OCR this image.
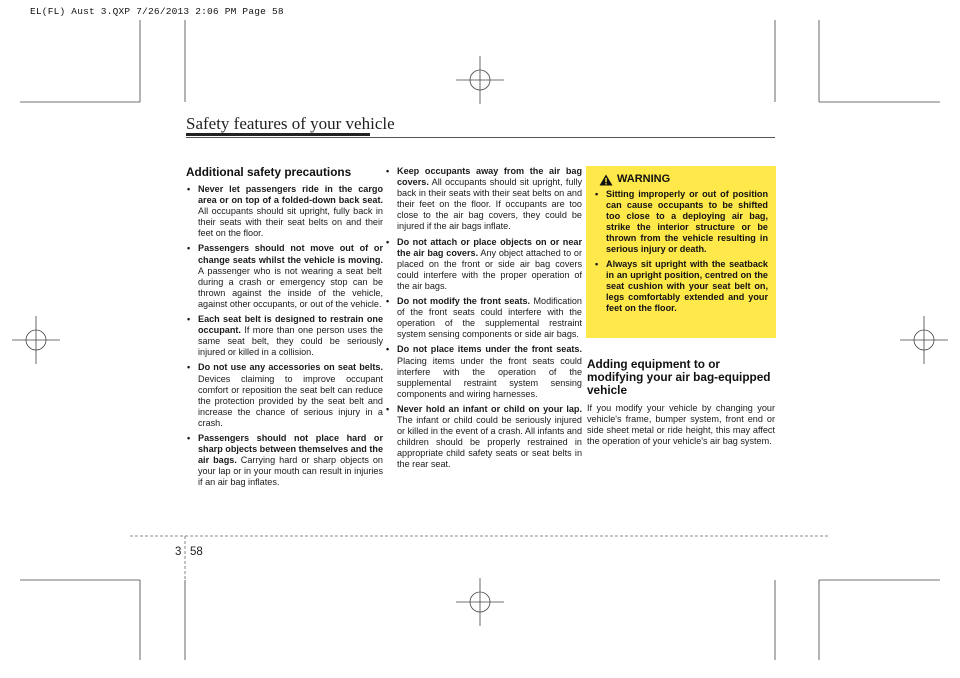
EL(FL) Aust 3.QXP 7/26/2013 2:06 PM Page 58
Safety features of your vehicle
Additional safety precautions
• Never let passengers ride in the cargo area or on top of a folded-down back seat. All occupants should sit upright, fully back in their seats with their seat belts on and their feet on the floor.
• Passengers should not move out of or change seats whilst the vehicle is moving. A passenger who is not wearing a seat belt during a crash or emergency stop can be thrown against the inside of the vehicle, against other occupants, or out of the vehicle.
• Each seat belt is designed to restrain one occupant. If more than one person uses the same seat belt, they could be seriously injured or killed in a collision.
• Do not use any accessories on seat belts. Devices claiming to improve occupant comfort or reposition the seat belt can reduce the protection provided by the seat belt and increase the chance of serious injury in a crash.
• Passengers should not place hard or sharp objects between themselves and the air bags. Carrying hard or sharp objects on your lap or in your mouth can result in injuries if an air bag inflates.
• Keep occupants away from the air bag covers. All occupants should sit upright, fully back in their seats with their seat belts on and their feet on the floor. If occupants are too close to the air bag covers, they could be injured if the air bags inflate.
• Do not attach or place objects on or near the air bag covers. Any object attached to or placed on the front or side air bag covers could interfere with the proper operation of the air bags.
• Do not modify the front seats. Modification of the front seats could interfere with the operation of the supplemental restraint system sensing components or side air bags.
• Do not place items under the front seats. Placing items under the front seats could interfere with the operation of the supplemental restraint system sensing components and wiring harnesses.
• Never hold an infant or child on your lap. The infant or child could be seriously injured or killed in the event of a crash. All infants and children should be properly restrained in appropriate child safety seats or seat belts in the rear seat.
WARNING
• Sitting improperly or out of position can cause occupants to be shifted too close to a deploying air bag, strike the interior structure or be thrown from the vehicle resulting in serious injury or death.
• Always sit upright with the seatback in an upright position, centred on the seat cushion with your seat belt on, legs comfortably extended and your feet on the floor.
Adding equipment to or modifying your air bag-equipped vehicle

If you modify your vehicle by changing your vehicle's frame, bumper system, front end or side sheet metal or ride height, this may affect the operation of your vehicle's air bag system.

3 58
